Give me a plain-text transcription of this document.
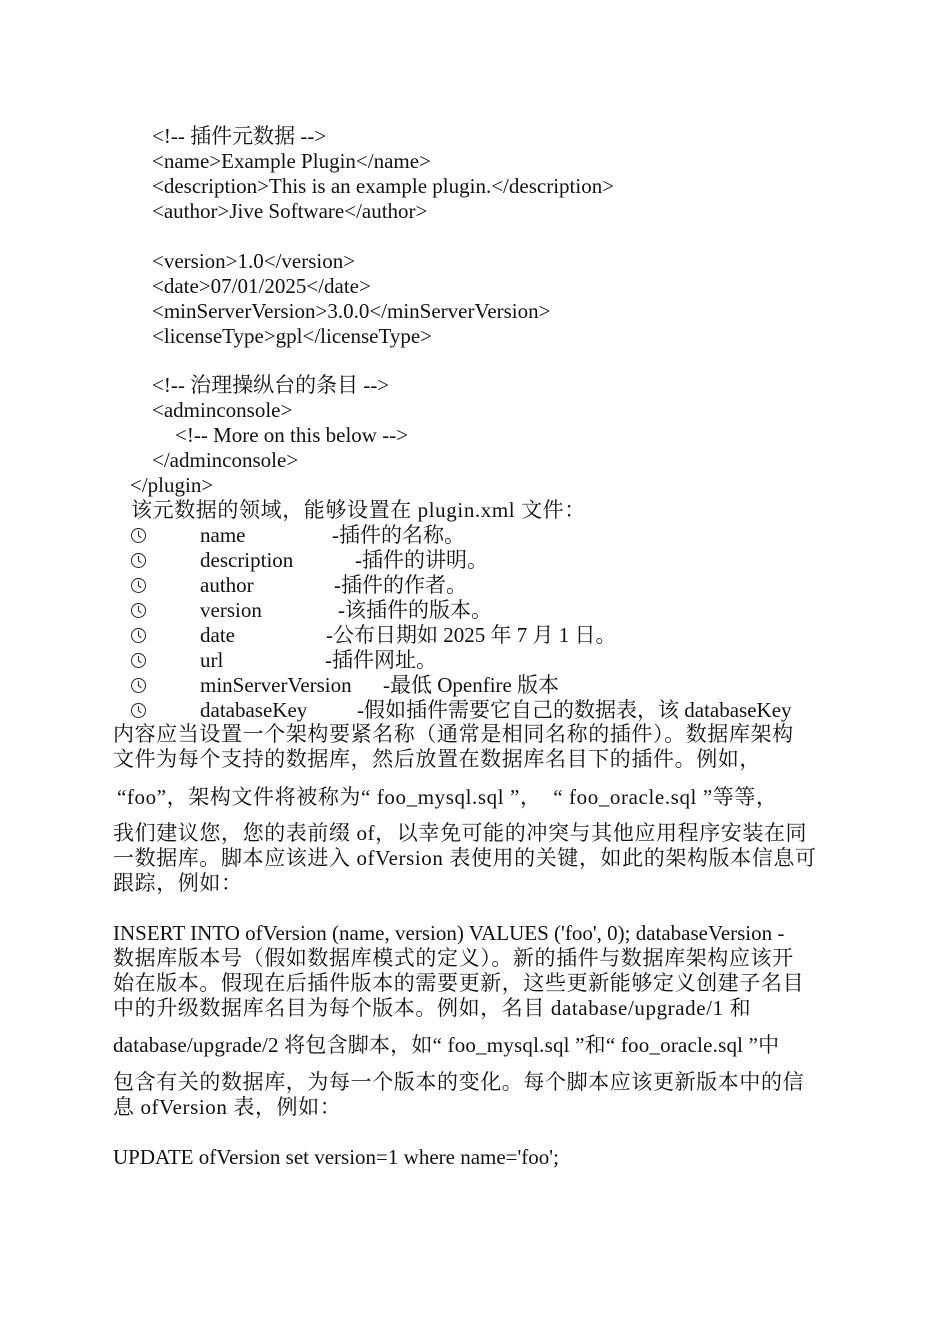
<!-- 插件元数据 -->
<name>Example Plugin</name>
<description>This is an example plugin.</description>
<author>Jive Software</author>
<version>1.0</version>
<date>07/01/2025</date>
<minServerVersion>3.0.0</minServerVersion>
<licenseType>gpl</licenseType>
<!-- 治理操纵台的条目 -->
<adminconsole>
<!-- More on this below -->
</adminconsole>
</plugin>
该元数据的领域，能够设置在 plugin.xml 文件：
name	-插件的名称。
description	-插件的讲明。
author	-插件的作者。
version	-该插件的版本。
date	-公布日期如 2025 年 7 月 1 日。
url	-插件网址。
minServerVersion -最低 Openfire 版本
databaseKey -假如插件需要它自己的数据表，该 databaseKey
内容应当设置一个架构要紧名称（通常是相同名称的插件）。数据库架构
文件为每个支持的数据库，然后放置在数据库名目下的插件。例如，
“foo”，架构文件将被称为“ foo_mysql.sql ”，  “ foo_oracle.sql ”等等，
我们建议您，您的表前缀 of，以幸免可能的冲突与其他应用程序安装在同
一数据库。脚本应该进入 ofVersion 表使用的关键，如此的架构版本信息可
跟踪，例如：
INSERT INTO ofVersion (name, version) VALUES ('foo', 0); databaseVersion -
数据库版本号（假如数据库模式的定义）。新的插件与数据库架构应该开
始在版本。假现在后插件版本的需要更新，这些更新能够定义创建子名目
中的升级数据库名目为每个版本。例如，名目 database/upgrade/1 和
database/upgrade/2 将包含脚本，如“ foo_mysql.sql ”和“ foo_oracle.sql ”中
包含有关的数据库，为每一个版本的变化。每个脚本应该更新版本中的信
息 ofVersion 表，例如：
UPDATE ofVersion set version=1 where name='foo';
